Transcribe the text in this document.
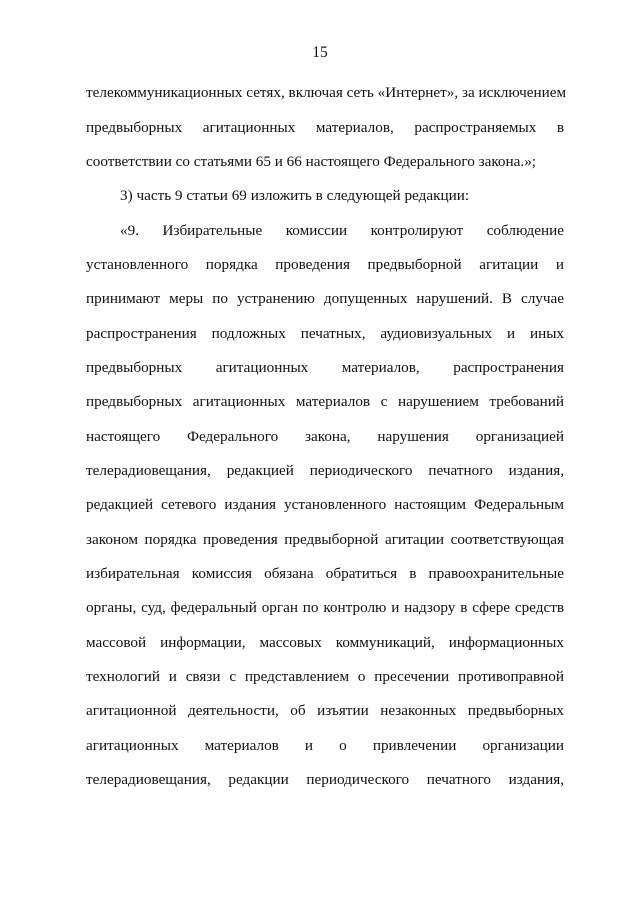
15
телекоммуникационных сетях, включая сеть «Интернет», за исключением
предвыборных агитационных материалов, распространяемых в
соответствии со статьями 65 и 66 настоящего Федерального закона.»;
3) часть 9 статьи 69 изложить в следующей редакции:
«9. Избирательные комиссии контролируют соблюдение
установленного порядка проведения предвыборной агитации и
принимают меры по устранению допущенных нарушений. В случае
распространения подложных печатных, аудиовизуальных и иных
предвыборных агитационных материалов, распространения
предвыборных агитационных материалов с нарушением требований
настоящего Федерального закона, нарушения организацией
телерадиовещания, редакцией периодического печатного издания,
редакцией сетевого издания установленного настоящим Федеральным
законом порядка проведения предвыборной агитации соответствующая
избирательная комиссия обязана обратиться в правоохранительные
органы, суд, федеральный орган по контролю и надзору в сфере средств
массовой информации, массовых коммуникаций, информационных
технологий и связи с представлением о пресечении противоправной
агитационной деятельности, об изъятии незаконных предвыборных
агитационных материалов и о привлечении организации
телерадиовещания, редакции периодического печатного издания,
